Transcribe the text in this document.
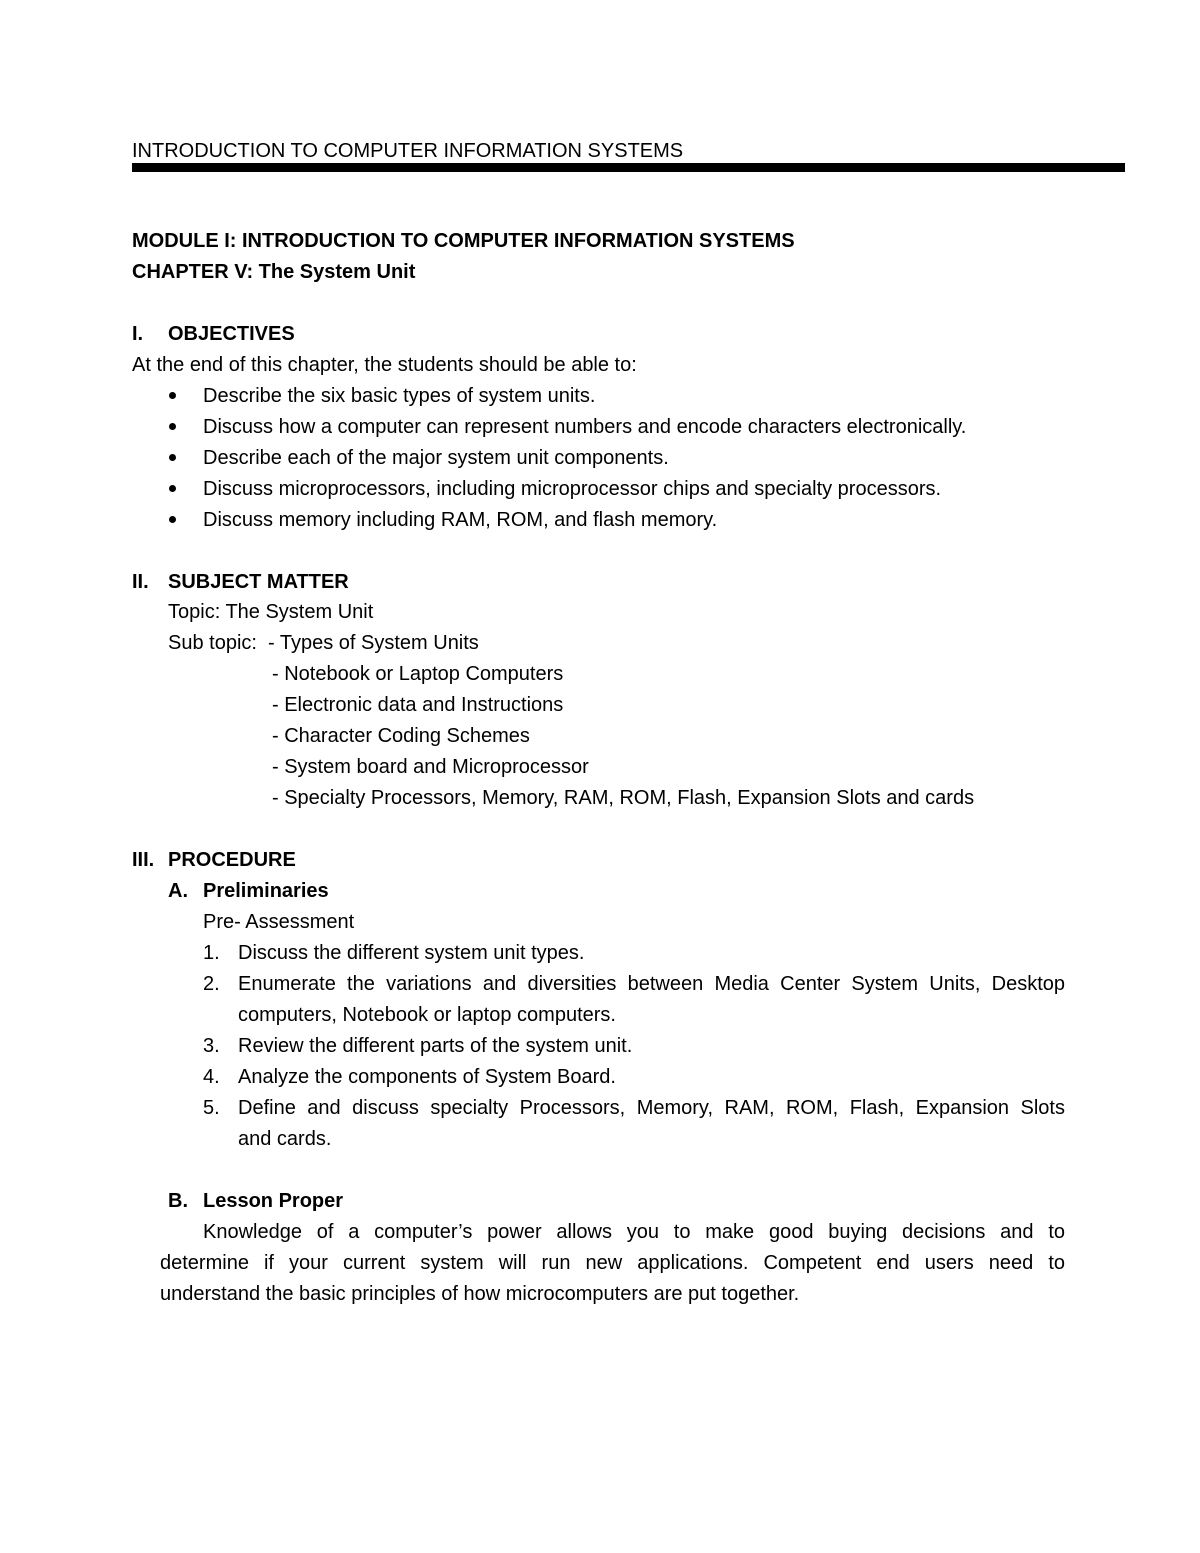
INTRODUCTION TO COMPUTER INFORMATION SYSTEMS
MODULE I: INTRODUCTION TO COMPUTER INFORMATION SYSTEMS
CHAPTER V: The System Unit
I. OBJECTIVES
At the end of this chapter, the students should be able to:
Describe the six basic types of system units.
Discuss how a computer can represent numbers and encode characters electronically.
Describe each of the major system unit components.
Discuss microprocessors, including microprocessor chips and specialty processors.
Discuss memory including RAM, ROM, and flash memory.
II. SUBJECT MATTER
Topic: The System Unit
Sub topic: - Types of System Units
- Notebook or Laptop Computers
- Electronic data and Instructions
- Character Coding Schemes
- System board and Microprocessor
- Specialty Processors, Memory, RAM, ROM, Flash, Expansion Slots and cards
III. PROCEDURE
A. Preliminaries
Pre- Assessment
1. Discuss the different system unit types.
2. Enumerate the variations and diversities between Media Center System Units, Desktop
computers, Notebook or laptop computers.
3. Review the different parts of the system unit.
4. Analyze the components of System Board.
5. Define and discuss specialty Processors, Memory, RAM, ROM, Flash, Expansion Slots
and cards.
B. Lesson Proper
Knowledge of a computer’s power allows you to make good buying decisions and to
determine if your current system will run new applications. Competent end users need to
understand the basic principles of how microcomputers are put together.
